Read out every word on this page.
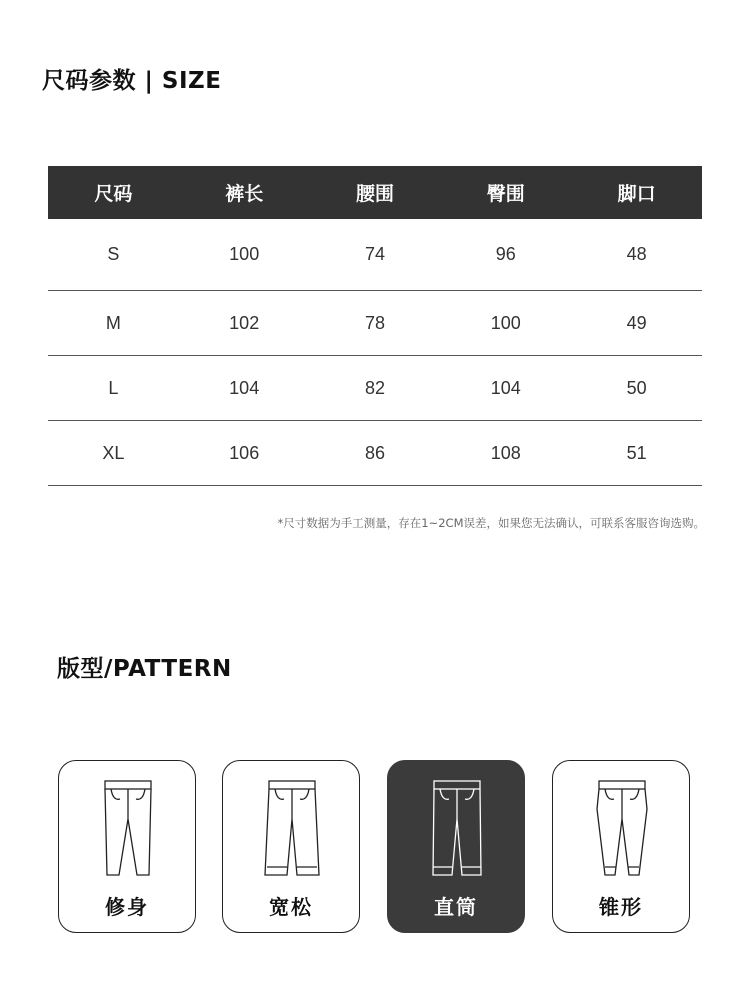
尺码参数 | SIZE
尺码	裤长	腰围	臀围	脚口
S	100	74	96	48
M	102	78	100	49
L	104	82	104	50
XL	106	86	108	51
*尺寸数据为手工测量，存在1~2CM误差，如果您无法确认，可联系客服咨询选购。
版型/PATTERN
修身	宽松	直筒	锥形
